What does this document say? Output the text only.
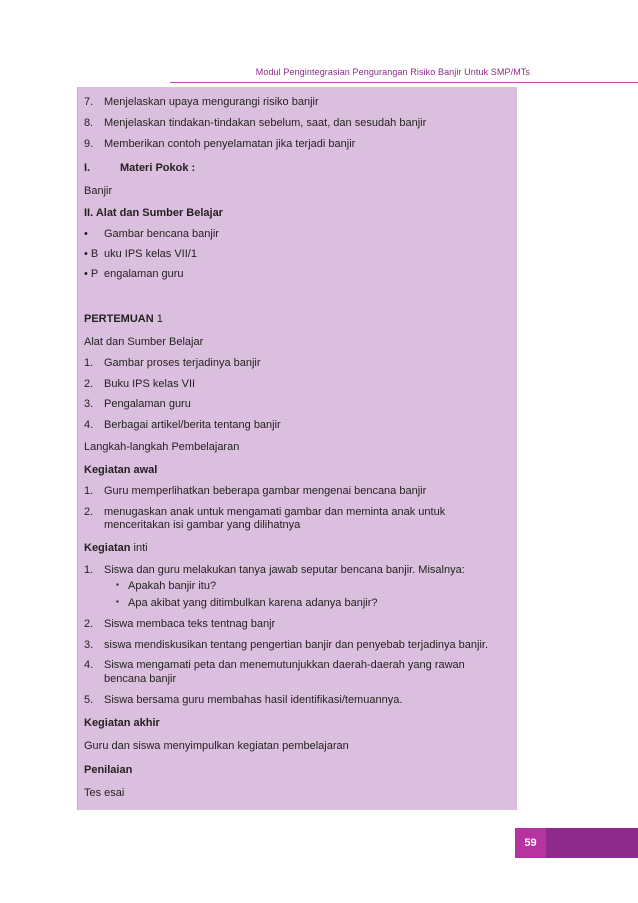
Modul Pengintegrasian Pengurangan Risiko Banjir Untuk SMP/MTs
7. Menjelaskan upaya mengurangi risiko banjir
8. Menjelaskan tindakan-tindakan sebelum, saat, dan sesudah banjir
9. Memberikan contoh penyelamatan jika terjadi banjir
I.	Materi Pokok :
Banjir
II. Alat dan Sumber Belajar
• Gambar bencana banjir
• B uku IPS kelas VII/1
• P engalaman guru
PERTEMUAN 1
Alat dan Sumber Belajar
1. Gambar proses terjadinya banjir
2. Buku IPS kelas VII
3. Pengalaman guru
4. Berbagai artikel/berita tentang banjir
Langkah-langkah Pembelajaran
Kegiatan awal
1. Guru memperlihatkan beberapa gambar mengenai bencana banjir
2. menugaskan anak untuk mengamati gambar dan meminta anak untuk
menceritakan isi gambar yang dilihatnya
Kegiatan inti
1. Siswa dan guru melakukan tanya jawab seputar bencana banjir. Misalnya:
▪ Apakah banjir itu?
▪ Apa akibat yang ditimbulkan karena adanya banjir?
2. Siswa membaca teks tentnag banjr
3. siswa mendiskusikan tentang pengertian banjir dan penyebab terjadinya banjir.
4. Siswa mengamati peta dan menemutunjukkan daerah-daerah yang rawan
bencana banjir
5. Siswa bersama guru membahas hasil identifikasi/temuannya.
Kegiatan akhir
Guru dan siswa menyimpulkan kegiatan pembelajaran
Penilaian
Tes esai
59
